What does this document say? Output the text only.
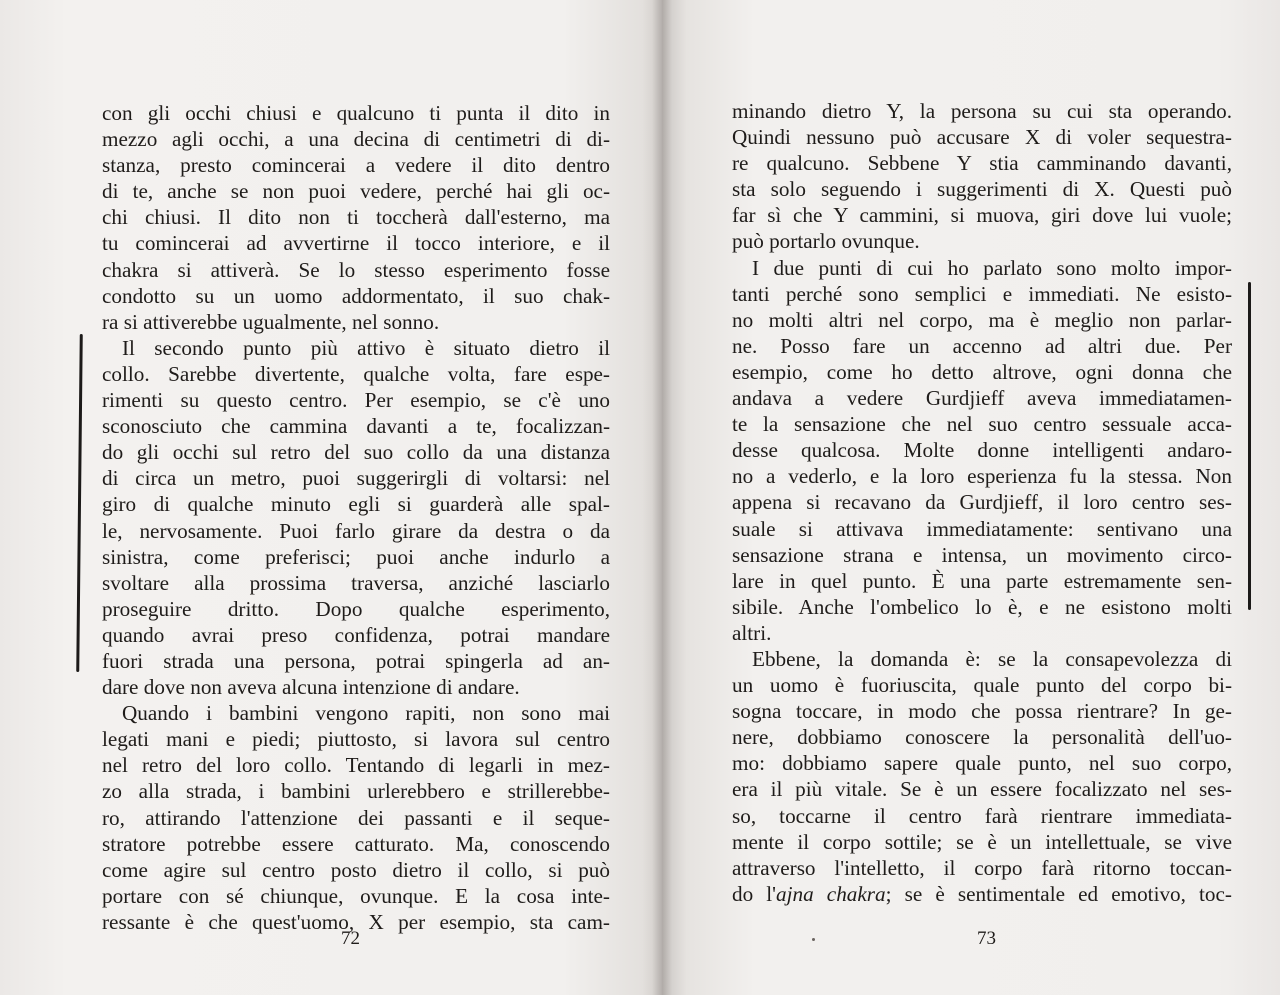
con gli occhi chiusi e qualcuno ti punta il dito in
mezzo agli occhi, a una decina di centimetri di di-
stanza, presto comincerai a vedere il dito dentro
di te, anche se non puoi vedere, perché hai gli oc-
chi chiusi. Il dito non ti toccherà dall'esterno, ma
tu comincerai ad avvertirne il tocco interiore, e il
chakra si attiverà. Se lo stesso esperimento fosse
condotto su un uomo addormentato, il suo chak-
ra si attiverebbe ugualmente, nel sonno.
Il secondo punto più attivo è situato dietro il
collo. Sarebbe divertente, qualche volta, fare espe-
rimenti su questo centro. Per esempio, se c'è uno
sconosciuto che cammina davanti a te, focalizzan-
do gli occhi sul retro del suo collo da una distanza
di circa un metro, puoi suggerirgli di voltarsi: nel
giro di qualche minuto egli si guarderà alle spal-
le, nervosamente. Puoi farlo girare da destra o da
sinistra, come preferisci; puoi anche indurlo a
svoltare alla prossima traversa, anziché lasciarlo
proseguire dritto. Dopo qualche esperimento,
quando avrai preso confidenza, potrai mandare
fuori strada una persona, potrai spingerla ad an-
dare dove non aveva alcuna intenzione di andare.
Quando i bambini vengono rapiti, non sono mai
legati mani e piedi; piuttosto, si lavora sul centro
nel retro del loro collo. Tentando di legarli in mez-
zo alla strada, i bambini urlerebbero e strillerebbe-
ro, attirando l'attenzione dei passanti e il seque-
stratore potrebbe essere catturato. Ma, conoscendo
come agire sul centro posto dietro il collo, si può
portare con sé chiunque, ovunque. E la cosa inte-
ressante è che quest'uomo, X per esempio, sta cam-
72
minando dietro Y, la persona su cui sta operando.
Quindi nessuno può accusare X di voler sequestra-
re qualcuno. Sebbene Y stia camminando davanti,
sta solo seguendo i suggerimenti di X. Questi può
far sì che Y cammini, si muova, giri dove lui vuole;
può portarlo ovunque.
I due punti di cui ho parlato sono molto impor-
tanti perché sono semplici e immediati. Ne esisto-
no molti altri nel corpo, ma è meglio non parlar-
ne. Posso fare un accenno ad altri due. Per
esempio, come ho detto altrove, ogni donna che
andava a vedere Gurdjieff aveva immediatamen-
te la sensazione che nel suo centro sessuale acca-
desse qualcosa. Molte donne intelligenti andaro-
no a vederlo, e la loro esperienza fu la stessa. Non
appena si recavano da Gurdjieff, il loro centro ses-
suale si attivava immediatamente: sentivano una
sensazione strana e intensa, un movimento circo-
lare in quel punto. È una parte estremamente sen-
sibile. Anche l'ombelico lo è, e ne esistono molti
altri.
Ebbene, la domanda è: se la consapevolezza di
un uomo è fuoriuscita, quale punto del corpo bi-
sogna toccare, in modo che possa rientrare? In ge-
nere, dobbiamo conoscere la personalità dell'uo-
mo: dobbiamo sapere quale punto, nel suo corpo,
era il più vitale. Se è un essere focalizzato nel ses-
so, toccarne il centro farà rientrare immediata-
mente il corpo sottile; se è un intellettuale, se vive
attraverso l'intelletto, il corpo farà ritorno toccan-
do l'ajna chakra; se è sentimentale ed emotivo, toc-
73
